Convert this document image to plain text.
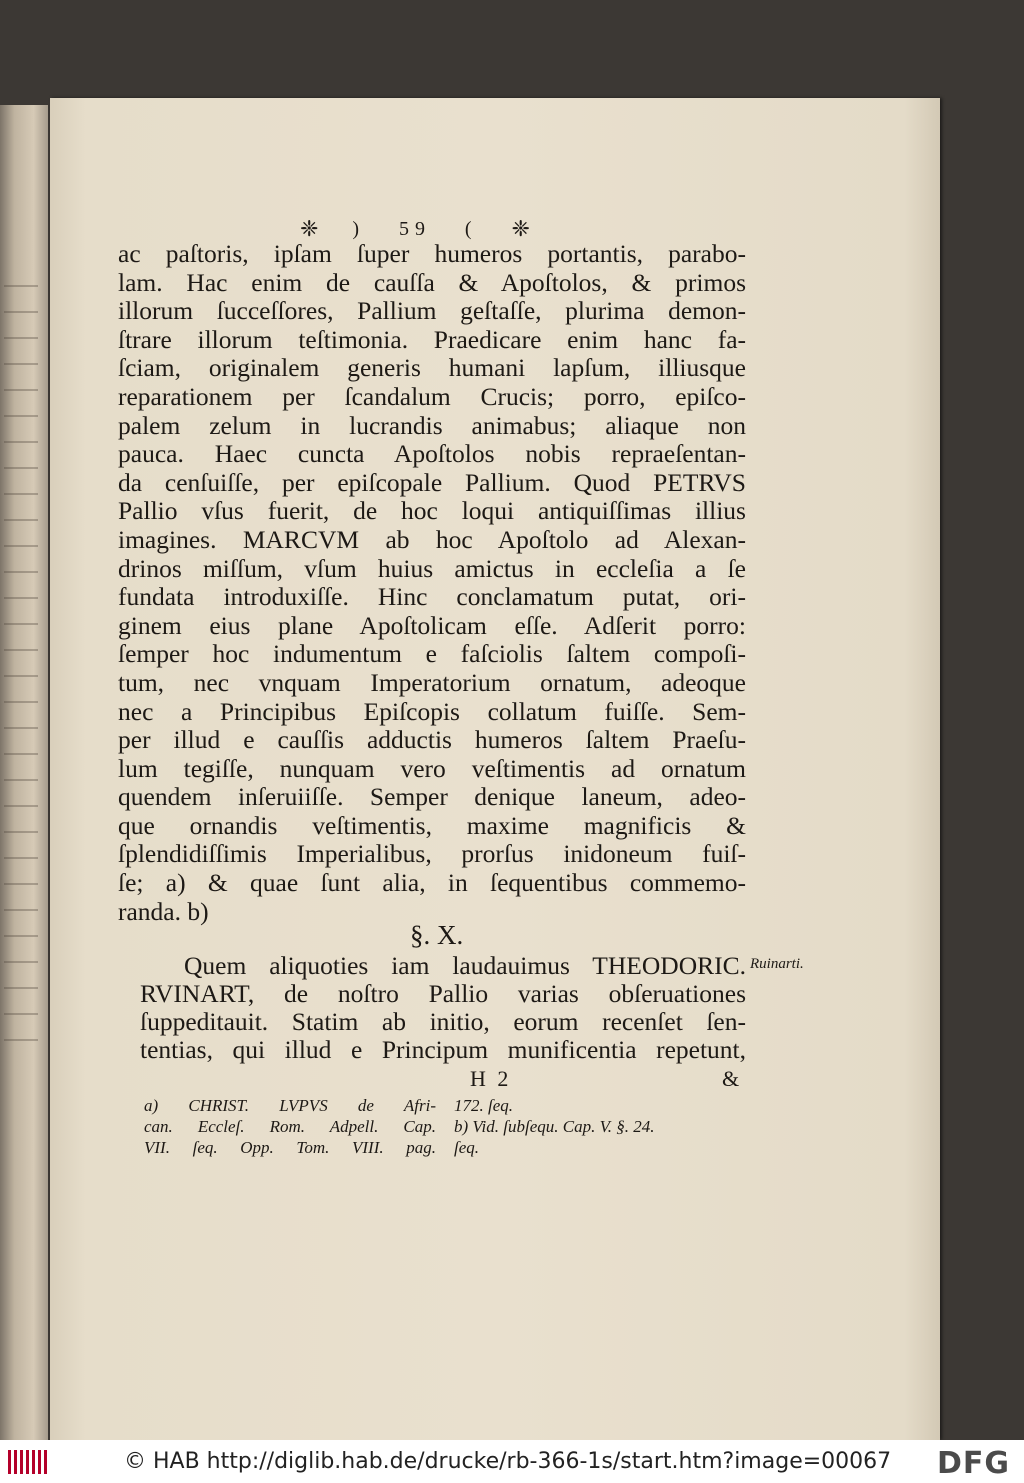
❈ ) 59 ( ❈
ac paſtoris, ipſam ſuper humeros portantis, parabo-
lam. Hac enim de cauſſa & Apoſtolos, & primos
illorum ſucceſſores, Pallium geſtaſſe, plurima demon-
ſtrare illorum teſtimonia. Praedicare enim hanc fa-
ſciam, originalem generis humani lapſum, illiusque
reparationem per ſcandalum Crucis; porro, epiſco-
palem zelum in lucrandis animabus; aliaque non
pauca. Haec cuncta Apoſtolos nobis repraeſentan-
da cenſuiſſe, per epiſcopale Pallium. Quod PETRVS
Pallio vſus fuerit, de hoc loqui antiquiſſimas illius
imagines. MARCVM ab hoc Apoſtolo ad Alexan-
drinos miſſum, vſum huius amictus in eccleſia a ſe
fundata introduxiſſe. Hinc conclamatum putat, ori-
ginem eius plane Apoſtolicam eſſe. Adſerit porro:
ſemper hoc indumentum e faſciolis ſaltem compoſi-
tum, nec vnquam Imperatorium ornatum, adeoque
nec a Principibus Epiſcopis collatum fuiſſe. Sem-
per illud e cauſſis adductis humeros ſaltem Praeſu-
lum tegiſſe, nunquam vero veſtimentis ad ornatum
quendem inſeruiiſſe. Semper denique laneum, adeo-
que ornandis veſtimentis, maxime magnificis &
ſplendidiſſimis Imperialibus, prorſus inidoneum fuiſ-
ſe; a) & quae ſunt alia, in ſequentibus commemo-
randa. b)
§. X.
Quem aliquoties iam laudauimus THEODORIC.
RVINART, de noſtro Pallio varias obſeruationes
ſuppeditauit. Statim ab initio, eorum recenſet ſen-
tentias, qui illud e Principum munificentia repetunt,
Ruinarti.
H 2	&
a) CHRIST. LVPVS de Afri-
can. Eccleſ. Rom. Adpell. Cap.
VII. ſeq. Opp. Tom. VIII. pag.
172. ſeq.
b) Vid. ſubſequ. Cap. V. §. 24.
ſeq.
© HAB http://diglib.hab.de/drucke/rb-366-1s/start.htm?image=00067 DFG
